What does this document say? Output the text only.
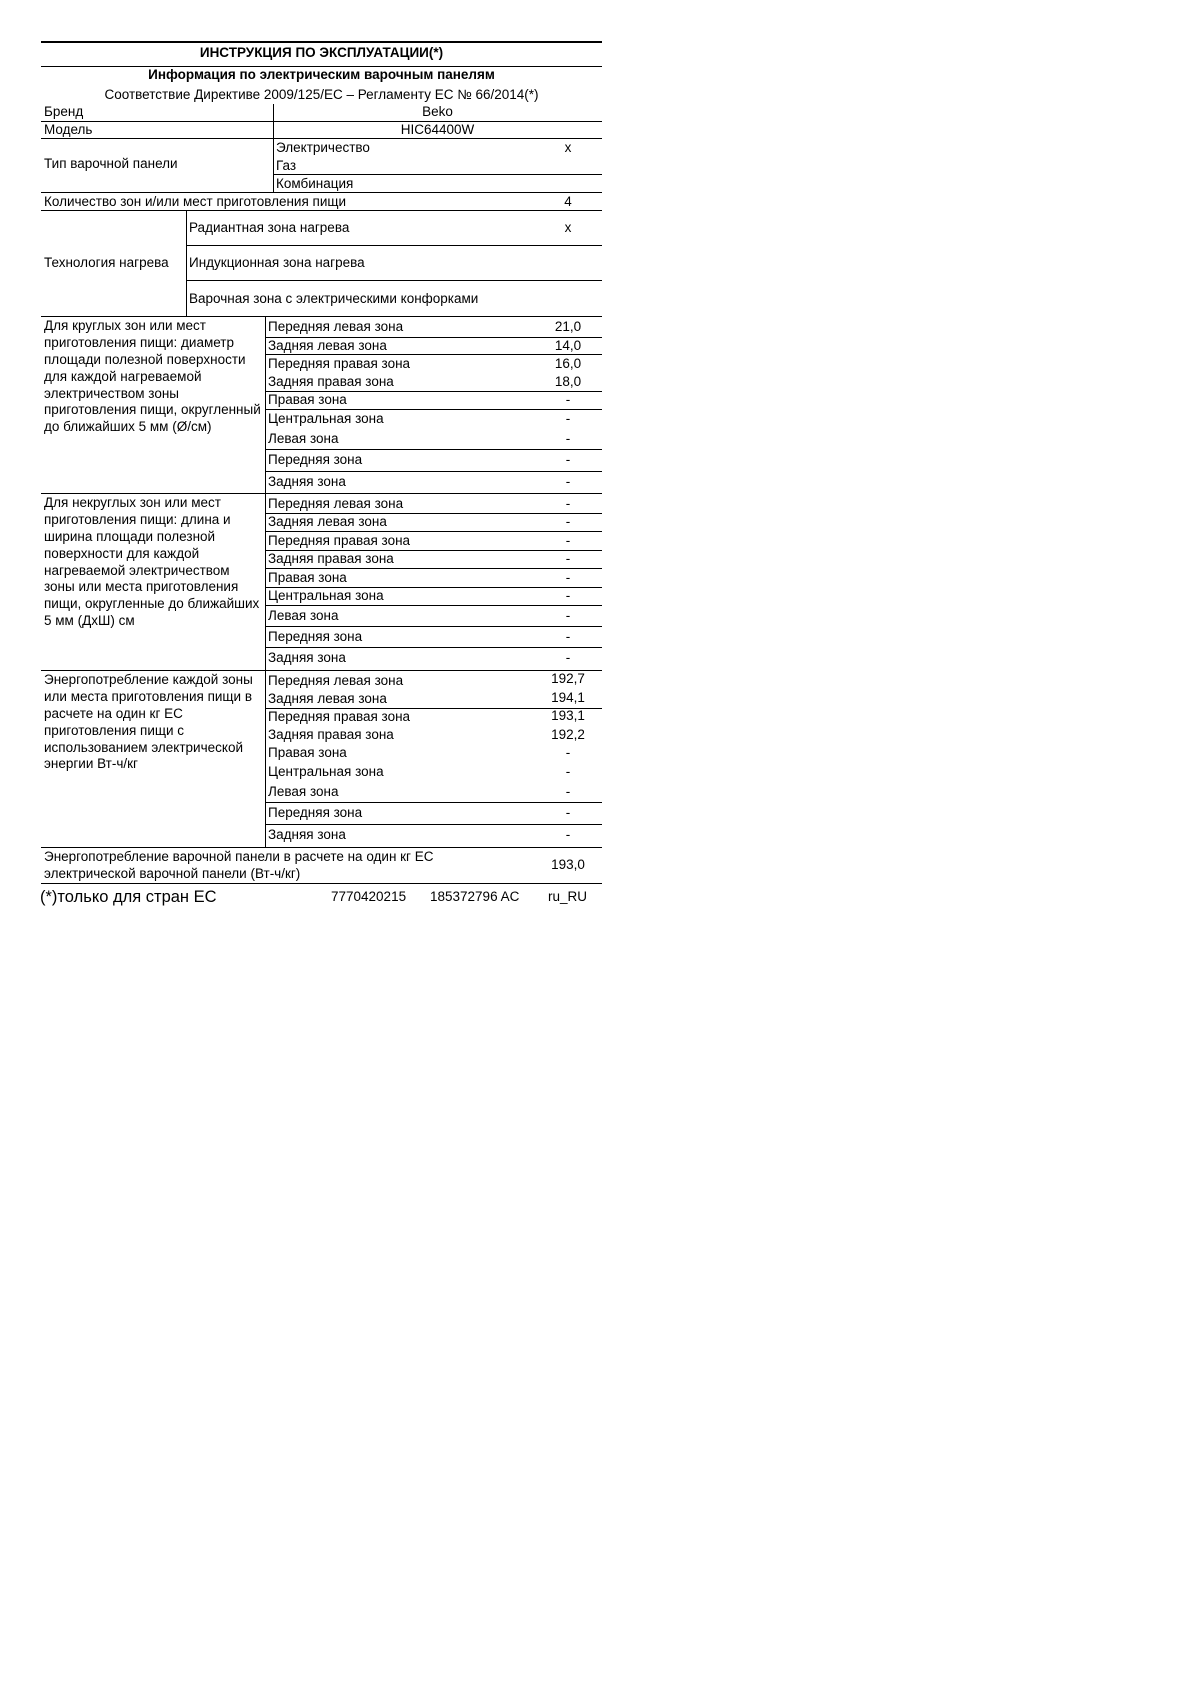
ИНСТРУКЦИЯ ПО ЭКСПЛУАТАЦИИ(*)
Информация по электрическим варочным панелям
Соответствие Директиве 2009/125/ЕС – Регламенту ЕС № 66/2014(*)
Бренд	Beko
Модель	HIC64400W
Тип варочной панели
Электричество	x
Газ
Комбинация
Количество зон и/или мест приготовления пищи	4
Технология нагрева
Радиантная зона нагрева	x
Индукционная зона нагрева
Варочная зона с электрическими конфорками
Для круглых зон или мест приготовления пищи: диаметр площади полезной поверхности для каждой нагреваемой электричеством зоны приготовления пищи, округленный до ближайших 5 мм (Ø/см)
Передняя левая зона	21,0
Задняя левая зона	14,0
Передняя правая зона	16,0
Задняя правая зона	18,0
Правая зона	-
Центральная зона	-
Левая зона	-
Передняя зона	-
Задняя зона	-
Для некруглых зон или мест приготовления пищи: длина и ширина площади полезной поверхности для каждой нагреваемой электричеством зоны или места приготовления пищи, округленные до ближайших 5 мм (ДхШ) см
Передняя левая зона	-
Задняя левая зона	-
Передняя правая зона	-
Задняя правая зона	-
Правая зона	-
Центральная зона	-
Левая зона	-
Передняя зона	-
Задняя зона	-
Энергопотребление каждой зоны или места приготовления пищи в расчете на один кг ЕС приготовления пищи с использованием электрической энергии Вт-ч/кг
Передняя левая зона	192,7
Задняя левая зона	194,1
Передняя правая зона	193,1
Задняя правая зона	192,2
Правая зона	-
Центральная зона	-
Левая зона	-
Передняя зона	-
Задняя зона	-
Энергопотребление варочной панели в расчете на один кг ЕС
электрической варочной панели (Вт-ч/кг)
193,0
(*)только для стран ЕС	7770420215 185372796 AC ru_RU
